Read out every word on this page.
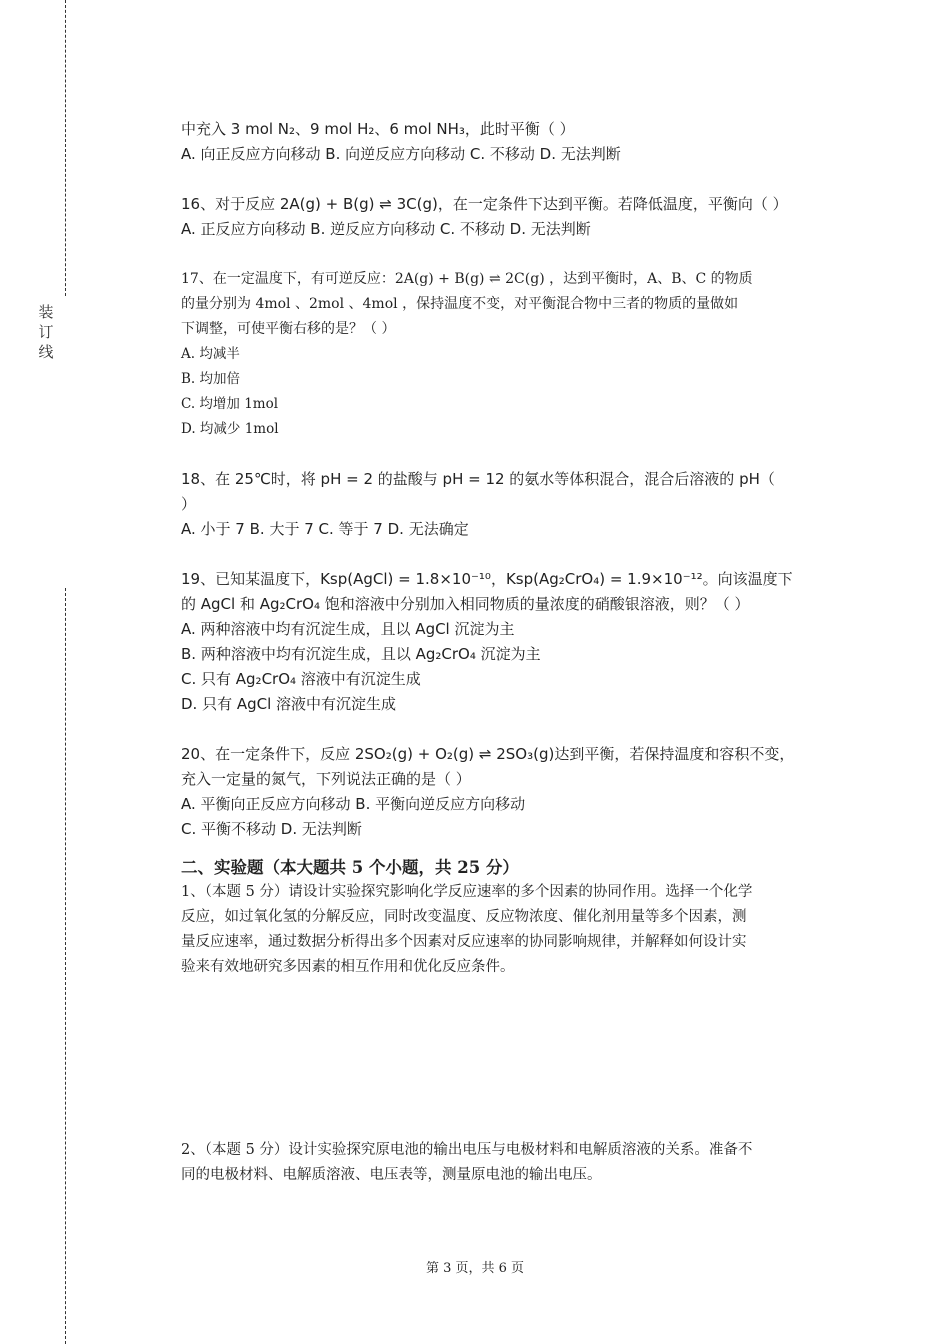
装
订
线

中充入 3 mol N₂、9 mol H₂、6 mol NH₃，此时平衡（ ）

A. 向正反应方向移动 B. 向逆反应方向移动 C. 不移动 D. 无法判断

16、对于反应 2A(g) + B(g) ⇌ 3C(g)，在一定条件下达到平衡。若降低温度，平衡向（ ）

A. 正反应方向移动 B. 逆反应方向移动 C. 不移动 D. 无法判断

17、在一定温度下，有可逆反应：2A(g) + B(g) ⇌ 2C(g) ，达到平衡时，A、B、C 的物质

的量分别为 4mol 、2mol 、4mol ，保持温度不变，对平衡混合物中三者的物质的量做如

下调整，可使平衡右移的是？（ ）

A. 均减半

B. 均加倍

C. 均增加 1mol

D. 均减少 1mol

18、在 25℃时，将 pH = 2 的盐酸与 pH = 12 的氨水等体积混合，混合后溶液的 pH（

）

A. 小于 7 B. 大于 7 C. 等于 7 D. 无法确定

19、已知某温度下，Ksp(AgCl) = 1.8×10⁻¹⁰，Ksp(Ag₂CrO₄) = 1.9×10⁻¹²。向该温度下

的 AgCl 和 Ag₂CrO₄ 饱和溶液中分别加入相同物质的量浓度的硝酸银溶液，则？（ ）

A. 两种溶液中均有沉淀生成，且以 AgCl 沉淀为主

B. 两种溶液中均有沉淀生成，且以 Ag₂CrO₄ 沉淀为主

C. 只有 Ag₂CrO₄ 溶液中有沉淀生成

D. 只有 AgCl 溶液中有沉淀生成

20、在一定条件下，反应 2SO₂(g) + O₂(g) ⇌ 2SO₃(g)达到平衡，若保持温度和容积不变，

充入一定量的氮气，下列说法正确的是（ ）

A. 平衡向正反应方向移动 B. 平衡向逆反应方向移动

C. 平衡不移动 D. 无法判断

二、实验题（本大题共 5 个小题，共 25 分）

1、（本题 5 分）请设计实验探究影响化学反应速率的多个因素的协同作用。选择一个化学
反应，如过氧化氢的分解反应，同时改变温度、反应物浓度、催化剂用量等多个因素，测
量反应速率，通过数据分析得出多个因素对反应速率的协同影响规律，并解释如何设计实
验来有效地研究多因素的相互作用和优化反应条件。
2、（本题 5 分）设计实验探究原电池的输出电压与电极材料和电解质溶液的关系。准备不
同的电极材料、电解质溶液、电压表等，测量原电池的输出电压。
第 3 页，共 6 页
